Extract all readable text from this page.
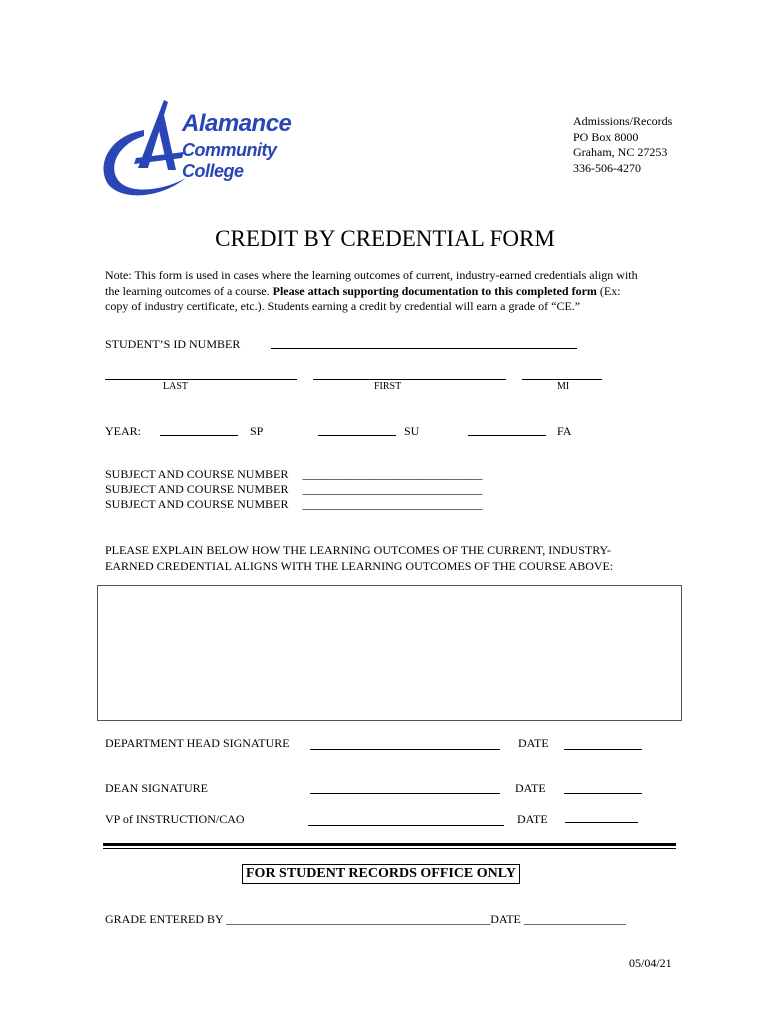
Alamance
Community College
Admissions/Records
PO Box 8000
Graham, NC 27253
336-506-4270
CREDIT BY CREDENTIAL FORM
Note: This form is used in cases where the learning outcomes of current, industry-earned credentials align with
the learning outcomes of a course. Please attach supporting documentation to this completed form (Ex:
copy of industry certificate, etc.). Students earning a credit by credential will earn a grade of “CE.”
STUDENT’S ID NUMBER
LAST	FIRST	MI
YEAR:	SP	SU	FA
SUBJECT AND COURSE NUMBER ______________________________
SUBJECT AND COURSE NUMBER ______________________________
SUBJECT AND COURSE NUMBER ______________________________
PLEASE EXPLAIN BELOW HOW THE LEARNING OUTCOMES OF THE CURRENT, INDUSTRY-
EARNED CREDENTIAL ALIGNS WITH THE LEARNING OUTCOMES OF THE COURSE ABOVE:
DEPARTMENT HEAD SIGNATURE	DATE
DEAN SIGNATURE	DATE
VP of INSTRUCTION/CAO	DATE
FOR STUDENT RECORDS OFFICE ONLY
GRADE ENTERED BY ____________________________________________DATE _________________
05/04/21
